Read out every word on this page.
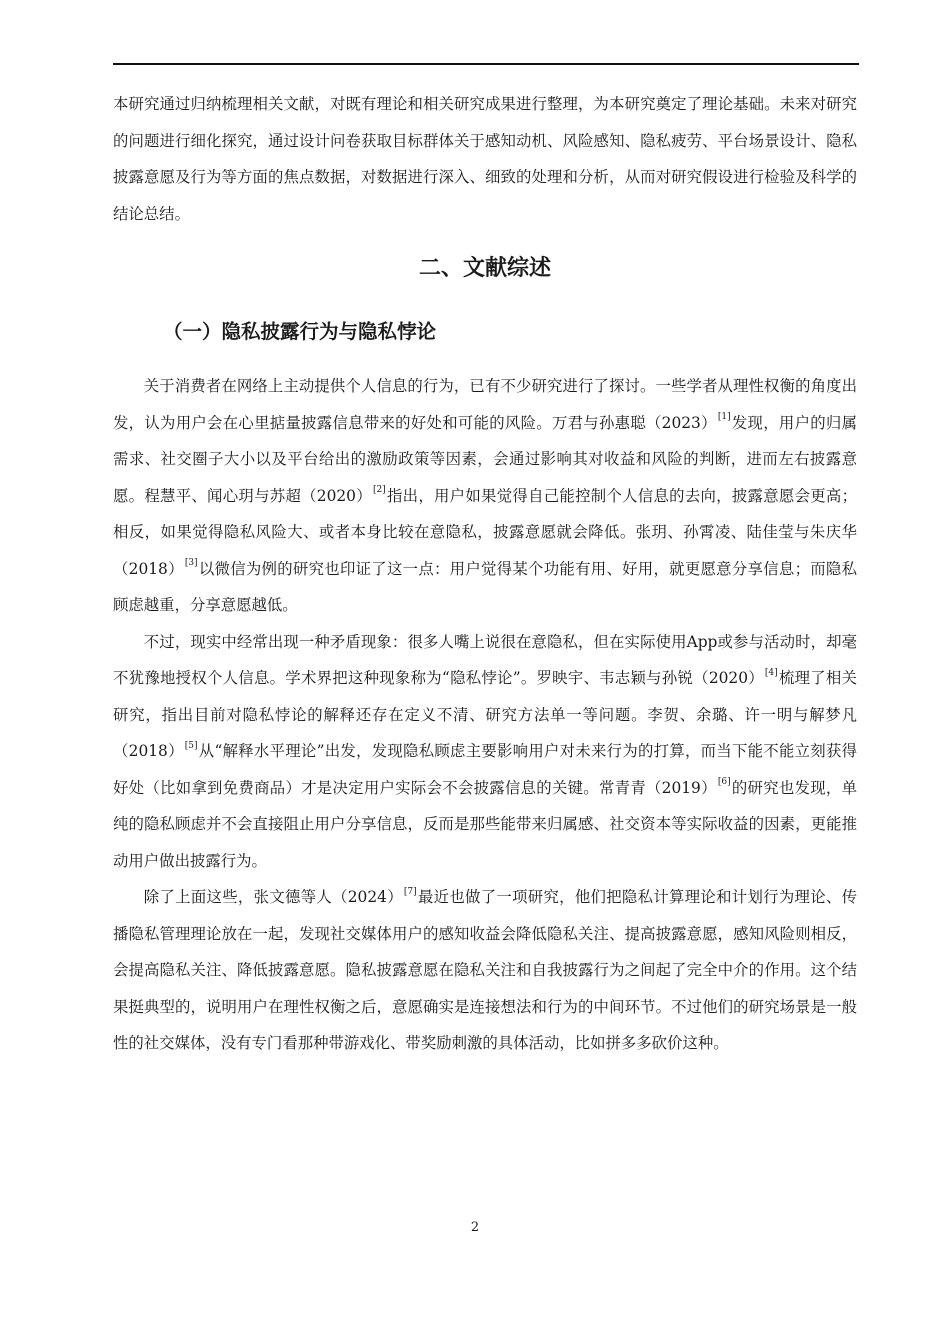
本研究通过归纳梳理相关文献，对既有理论和相关研究成果进行整理，为本研究奠定了理论基础。未来对研究的问题进行细化探究，通过设计问卷获取目标群体关于感知动机、风险感知、隐私疲劳、平台场景设计、隐私披露意愿及行为等方面的焦点数据，对数据进行深入、细致的处理和分析，从而对研究假设进行检验及科学的结论总结。

二、文献综述
（一）隐私披露行为与隐私悖论

关于消费者在网络上主动提供个人信息的行为，已有不少研究进行了探讨。一些学者从理性权衡的角度出发，认为用户会在心里掂量披露信息带来的好处和可能的风险。万君与孙惠聪（2023）[1]发现，用户的归属需求、社交圈子大小以及平台给出的激励政策等因素，会通过影响其对收益和风险的判断，进而左右披露意愿。程慧平、闻心玥与苏超（2020）[2]指出，用户如果觉得自己能控制个人信息的去向，披露意愿会更高；相反，如果觉得隐私风险大、或者本身比较在意隐私，披露意愿就会降低。张玥、孙霄凌、陆佳莹与朱庆华（2018）[3]以微信为例的研究也印证了这一点：用户觉得某个功能有用、好用，就更愿意分享信息；而隐私顾虑越重，分享意愿越低。

不过，现实中经常出现一种矛盾现象：很多人嘴上说很在意隐私，但在实际使用App或参与活动时，却毫不犹豫地授权个人信息。学术界把这种现象称为“隐私悖论”。罗映宇、韦志颖与孙锐（2020）[4]梳理了相关研究，指出目前对隐私悖论的解释还存在定义不清、研究方法单一等问题。李贺、余璐、许一明与解梦凡（2018）[5]从“解释水平理论”出发，发现隐私顾虑主要影响用户对未来行为的打算，而当下能不能立刻获得好处（比如拿到免费商品）才是决定用户实际会不会披露信息的关键。常青青（2019）[6]的研究也发现，单纯的隐私顾虑并不会直接阻止用户分享信息，反而是那些能带来归属感、社交资本等实际收益的因素，更能推动用户做出披露行为。

除了上面这些，张文德等人（2024）[7]最近也做了一项研究，他们把隐私计算理论和计划行为理论、传播隐私管理理论放在一起，发现社交媒体用户的感知收益会降低隐私关注、提高披露意愿，感知风险则相反，会提高隐私关注、降低披露意愿。隐私披露意愿在隐私关注和自我披露行为之间起了完全中介的作用。这个结果挺典型的，说明用户在理性权衡之后，意愿确实是连接想法和行为的中间环节。不过他们的研究场景是一般性的社交媒体，没有专门看那种带游戏化、带奖励刺激的具体活动，比如拼多多砍价这种。

2
